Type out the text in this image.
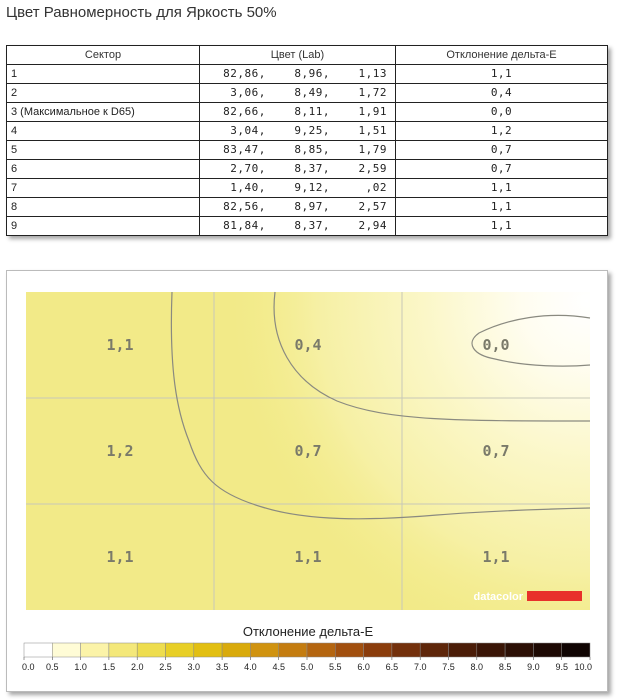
Цвет Равномерность для Яркость 50%
Сектор	Цвет (Lab)	Отклонение дельта-E
1	82,86,    8,96,    1,13	1,1
2	3,06,    8,49,    1,72	0,4
3 (Максимальное к D65)	82,66,    8,11,    1,91	0,0
4	3,04,    9,25,    1,51	1,2
5	83,47,    8,85,    1,79	0,7
6	2,70,    8,37,    2,59	0,7
7	1,40,    9,12,     ,02	1,1
8	82,56,    8,97,    2,57	1,1
9	81,84,    8,37,    2,94	1,1
1,1	0,4	0,0
1,2	0,7	0,7
1,1	1,1	1,1
datacolor
Отклонение дельта-E
0.0 0.5 1.0 1.5 2.0 2.5 3.0 3.5 4.0 4.5 5.0 5.5 6.0 6.5 7.0 7.5 8.0 8.5 9.0 9.5 10.0
